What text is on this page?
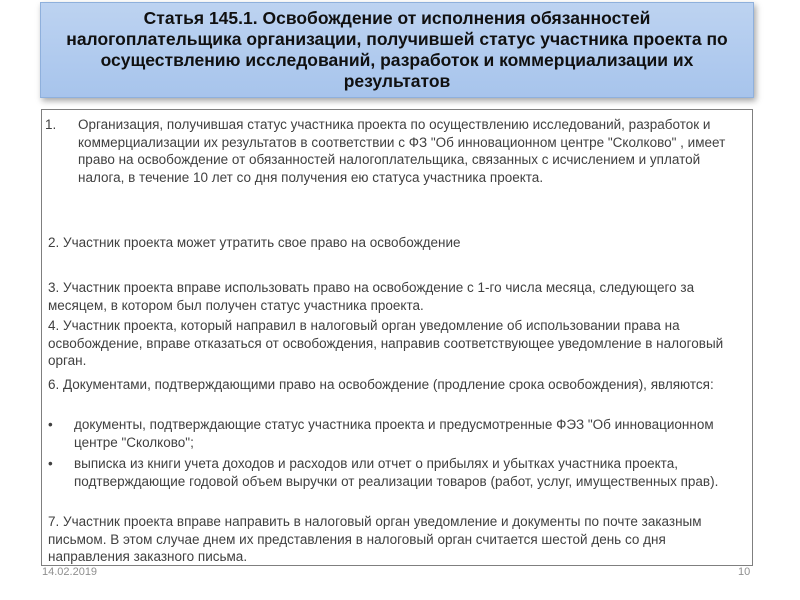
Статья 145.1. Освобождение от исполнения обязанностей налогоплательщика организации, получившей статус участника проекта по осуществлению исследований, разработок и коммерциализации их результатов
1.	Организация, получившая статус участника проекта по осуществлению исследований, разработок и коммерциализации их результатов в соответствии с ФЗ "Об инновационном центре "Сколково" , имеет право на освобождение от обязанностей налогоплательщика, связанных с исчислением и уплатой налога, в течение 10 лет со дня получения ею статуса участника проекта.
2. Участник проекта может утратить свое право на освобождение
3. Участник проекта вправе использовать право на освобождение с 1-го числа месяца, следующего за месяцем, в котором был получен статус участника проекта.
4. Участник проекта, который направил в налоговый орган уведомление об использовании права на освобождение, вправе отказаться от освобождения, направив соответствующее уведомление в налоговый орган.
6. Документами, подтверждающими право на освобождение (продление срока освобождения), являются:
•	документы, подтверждающие статус участника проекта и предусмотренные ФЭЗ "Об инновационном центре "Сколково";
•	выписка из книги учета доходов и расходов или отчет о прибылях и убытках участника проекта, подтверждающие годовой объем выручки от реализации товаров (работ, услуг, имущественных прав).
7. Участник проекта вправе направить в налоговый орган уведомление и документы по почте заказным письмом. В этом случае днем их представления в налоговый орган считается шестой день со дня направления заказного письма.
14.02.2019	10
